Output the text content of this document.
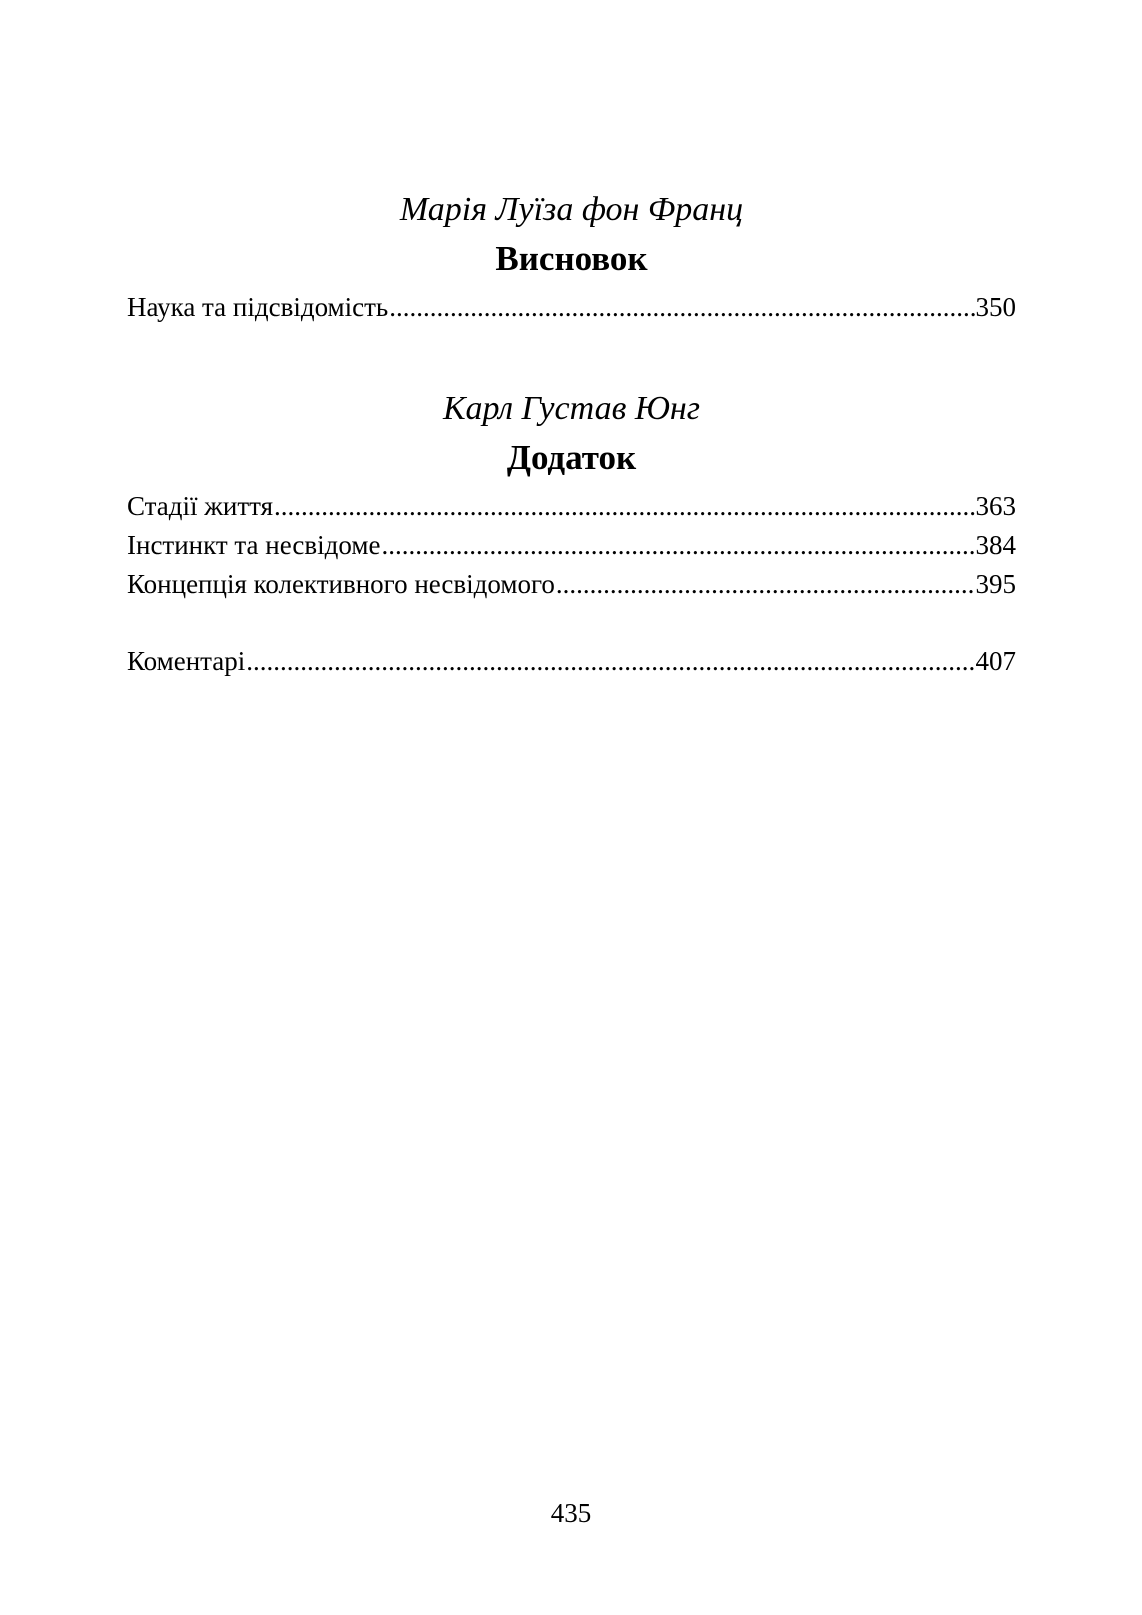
Марія Луїза фон Франц

Висновок
Наука та підсвідомість .....	350

Карл Густав Юнг

Додаток
Стадії життя .....	363
Інстинкт та несвідоме .....	384
Концепція колективного несвідомого .....	395
Коментарі .....	407
435
